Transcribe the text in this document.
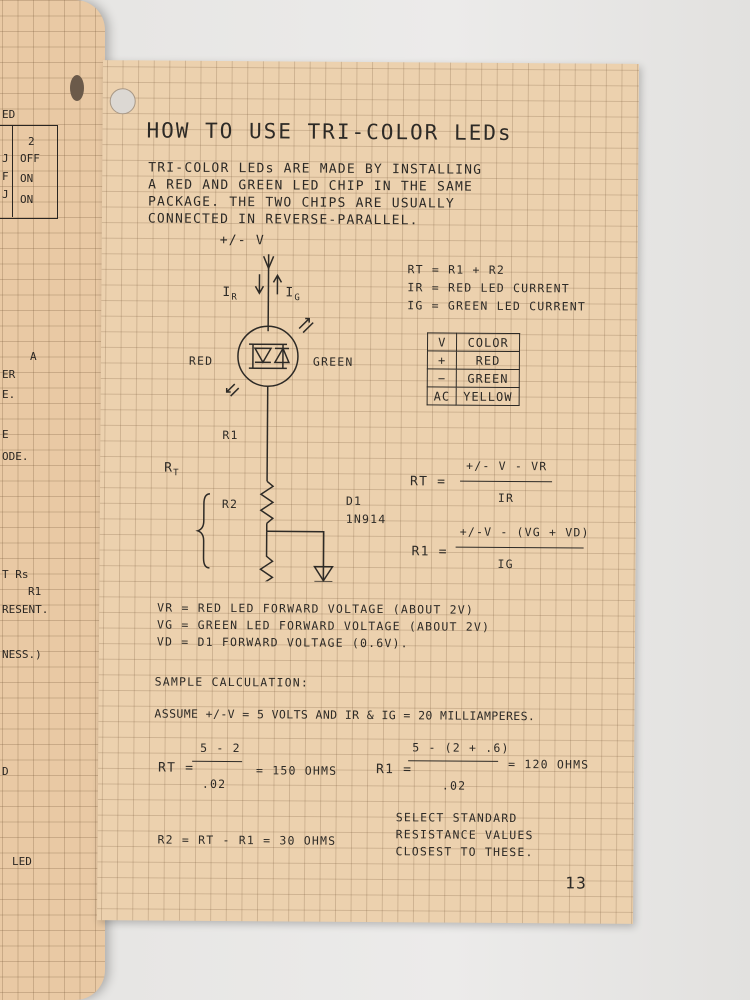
ED
2
J OFF
F ON
J ON
A
ER
E.
E
ODE.
T Rs
R1
RESENT.
NESS.)
D
LED
HOW TO USE TRI-COLOR LEDs
TRI-COLOR LEDs ARE MADE BY INSTALLING
A RED AND GREEN LED CHIP IN THE SAME
PACKAGE. THE TWO CHIPS ARE USUALLY
CONNECTED IN REVERSE-PARALLEL.
+/- V
$I_R$	$I_G$
RED	GREEN
R1
R2
$R_T$
D1
1N914
RT = R1 + R2
IR = RED LED CURRENT
IG = GREEN LED CURRENT
V	COLOR
+	RED
−	GREEN
AC	YELLOW
RT =
+/- V - VR
IR
R1 =
+/-V - (VG + VD)
IG
VR = RED LED FORWARD VOLTAGE (ABOUT 2V)
VG = GREEN LED FORWARD VOLTAGE (ABOUT 2V)
VD = D1 FORWARD VOLTAGE (0.6V).
SAMPLE CALCULATION:
ASSUME +/-V = 5 VOLTS AND IR & IG = 20 MILLIAMPERES.
RT =
5 - 2
.02
= 150 OHMS	R1 =
5 - (2 + .6)
.02
= 120 OHMS
R2 = RT - R1 = 30 OHMS
SELECT STANDARD
RESISTANCE VALUES
CLOSEST TO THESE.
13
